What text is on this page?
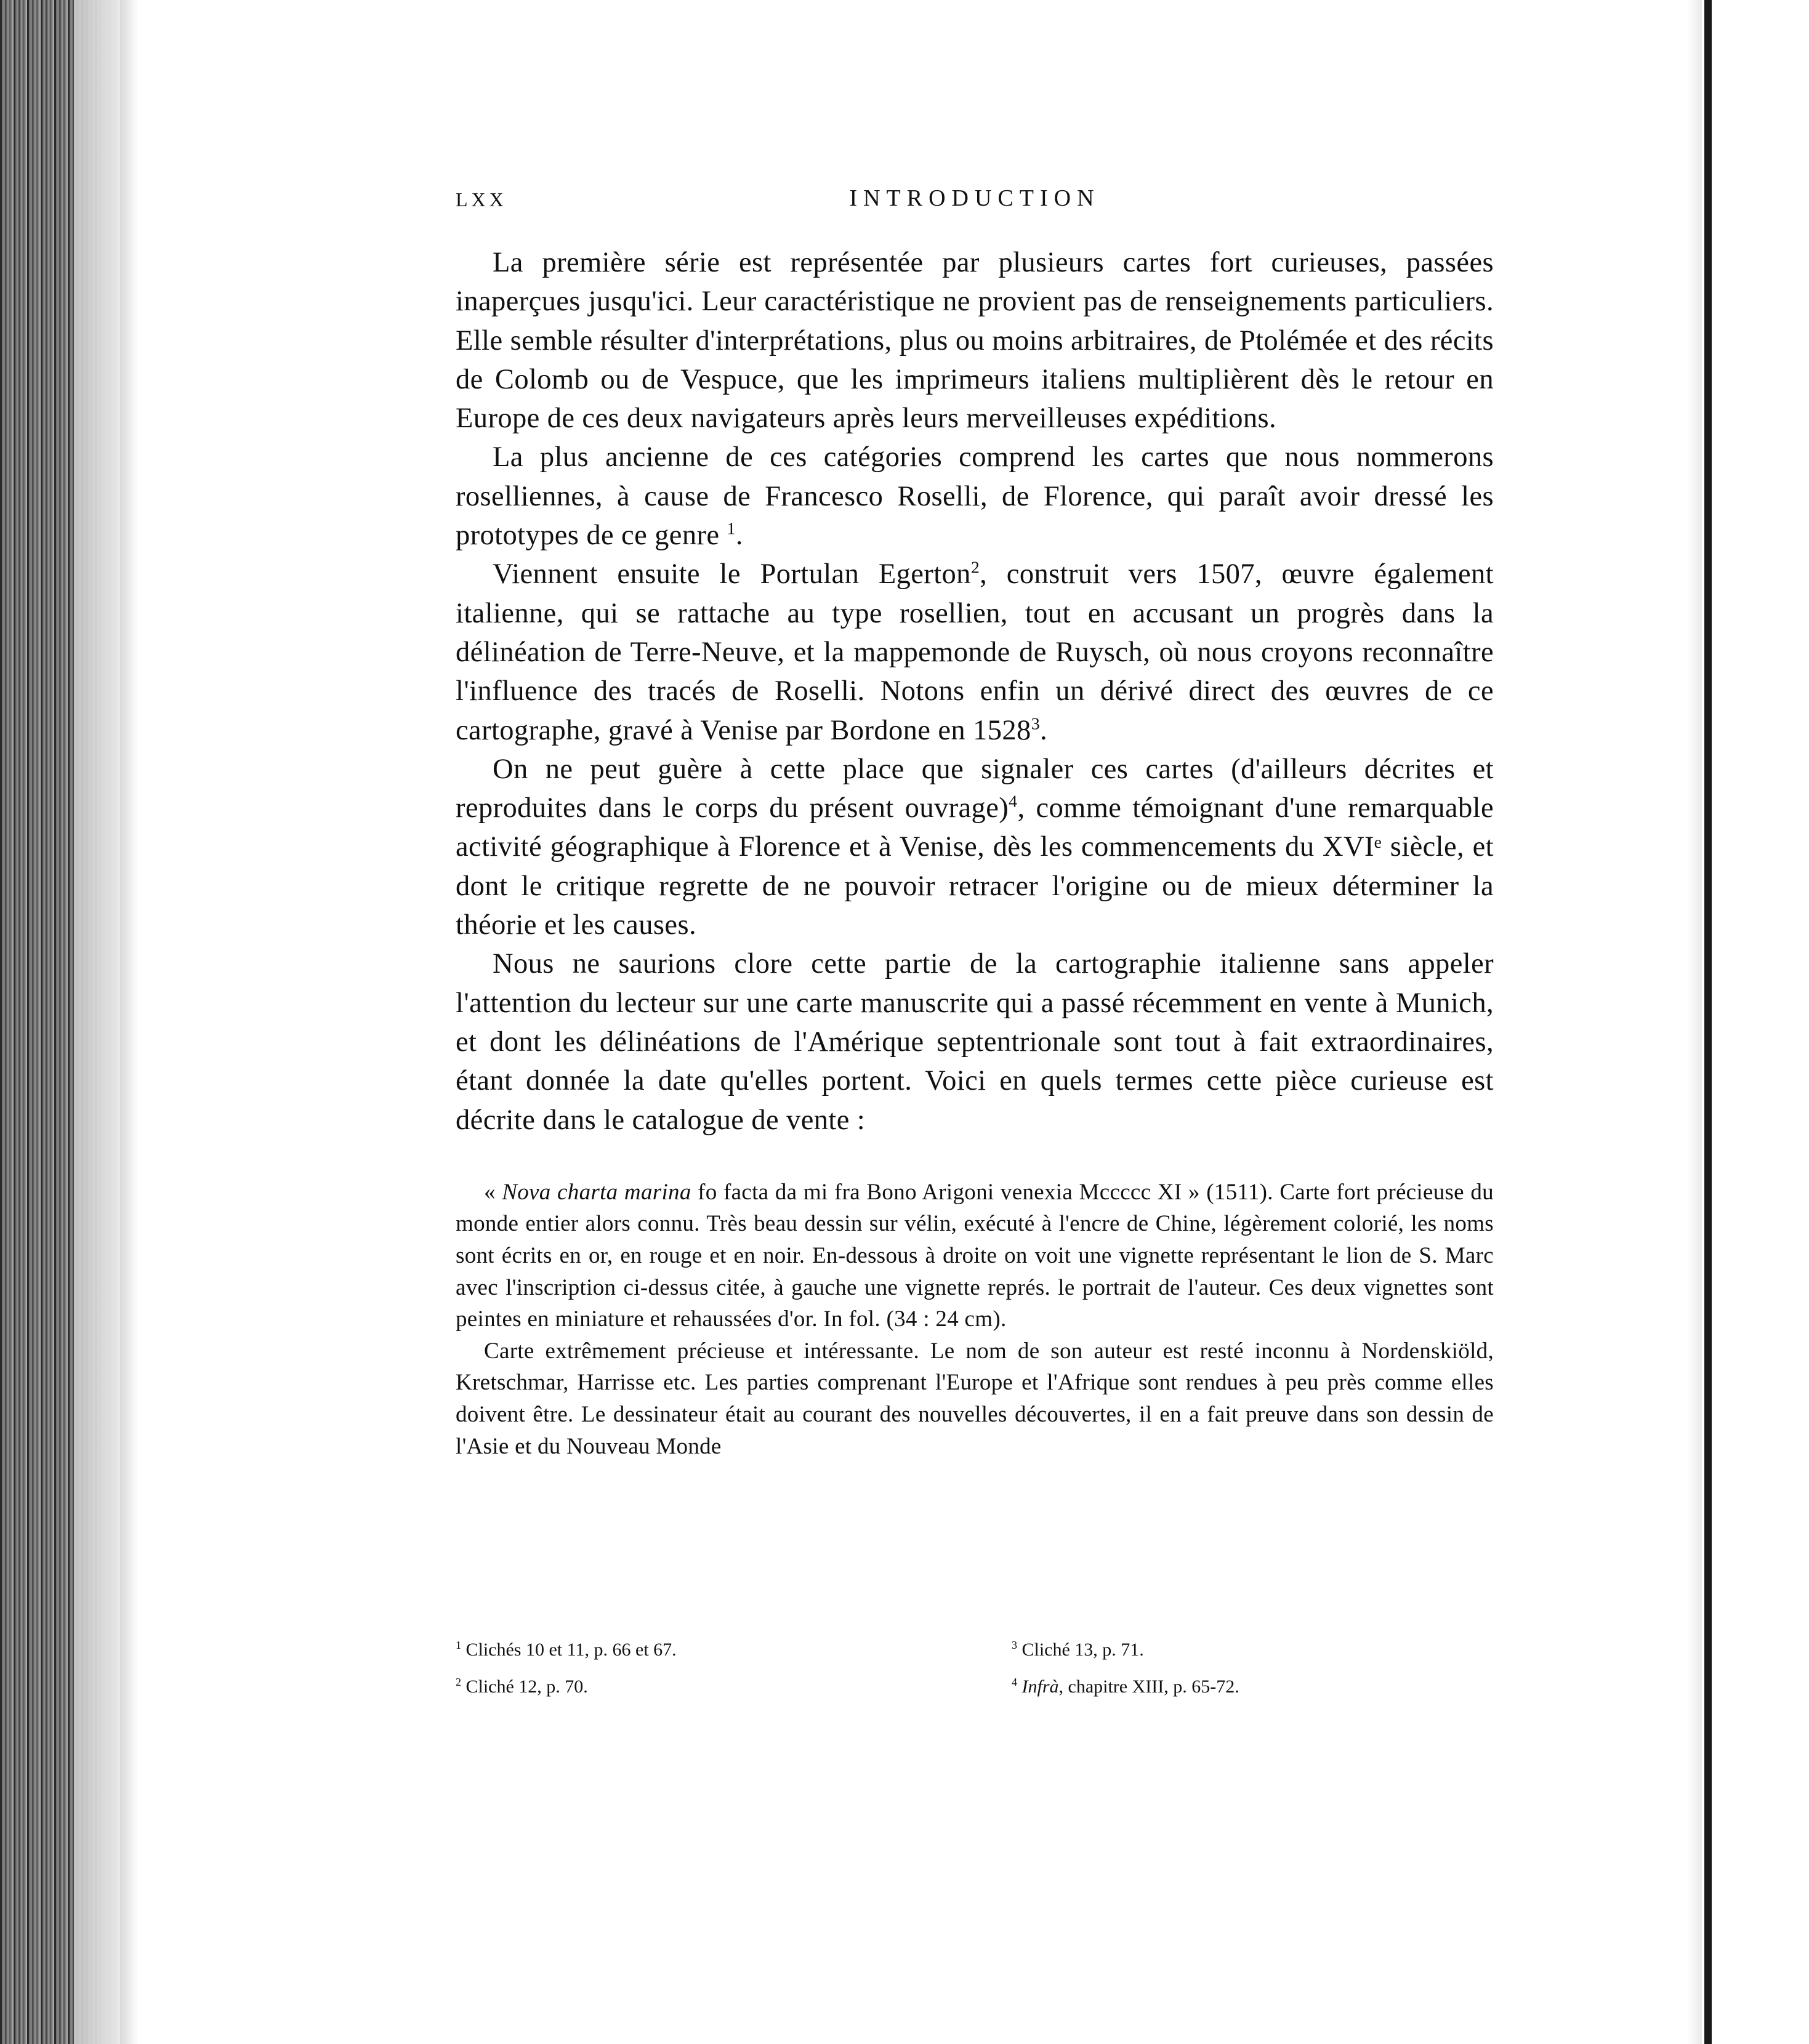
LXX	INTRODUCTION

La première série est représentée par plusieurs cartes fort curieuses, passées inaperçues jusqu'ici. Leur caractéristique ne provient pas de renseignements particuliers. Elle semble résulter d'interprétations, plus ou moins arbitraires, de Ptolémée et des récits de Colomb ou de Vespuce, que les imprimeurs italiens multiplièrent dès le retour en Europe de ces deux navigateurs après leurs merveilleuses expéditions.

La plus ancienne de ces catégories comprend les cartes que nous nommerons roselliennes, à cause de Francesco Roselli, de Florence, qui paraît avoir dressé les prototypes de ce genre $^1$.

Viennent ensuite le Portulan Egerton$^2$, construit vers 1507, œuvre également italienne, qui se rattache au type rosellien, tout en accusant un progrès dans la délinéation de Terre-Neuve, et la mappemonde de Ruysch, où nous croyons reconnaître l'influence des tracés de Roselli. Notons enfin un dérivé direct des œuvres de ce cartographe, gravé à Venise par Bordone en 1528$^3$.

On ne peut guère à cette place que signaler ces cartes (d'ailleurs décrites et reproduites dans le corps du présent ouvrage)$^4$, comme témoignant d'une remarquable activité géographique à Florence et à Venise, dès les commencements du XVIᵉ siècle, et dont le critique regrette de ne pouvoir retracer l'origine ou de mieux déterminer la théorie et les causes.

Nous ne saurions clore cette partie de la cartographie italienne sans appeler l'attention du lecteur sur une carte manuscrite qui a passé récemment en vente à Munich, et dont les délinéations de l'Amérique septentrionale sont tout à fait extraordinaires, étant donnée la date qu'elles portent. Voici en quels termes cette pièce curieuse est décrite dans le catalogue de vente :

« Nova charta marina fo facta da mi fra Bono Arigoni venexia Mccccc XI » (1511). Carte fort précieuse du monde entier alors connu. Très beau dessin sur vélin, exécuté à l'encre de Chine, légèrement colorié, les noms sont écrits en or, en rouge et en noir. En-dessous à droite on voit une vignette représentant le lion de S. Marc avec l'inscription ci-dessus citée, à gauche une vignette représ. le portrait de l'auteur. Ces deux vignettes sont peintes en miniature et rehaussées d'or. In fol. (34 : 24 cm).

Carte extrêmement précieuse et intéressante. Le nom de son auteur est resté inconnu à Nordenskiöld, Kretschmar, Harrisse etc. Les parties comprenant l'Europe et l'Afrique sont rendues à peu près comme elles doivent être. Le dessinateur était au courant des nouvelles découvertes, il en a fait preuve dans son dessin de l'Asie et du Nouveau Monde

$^1$ Clichés 10 et 11, p. 66 et 67.	$^3$ Cliché 13, p. 71.
$^2$ Cliché 12, p. 70.	$^4$ Infrà, chapitre XIII, p. 65-72.
